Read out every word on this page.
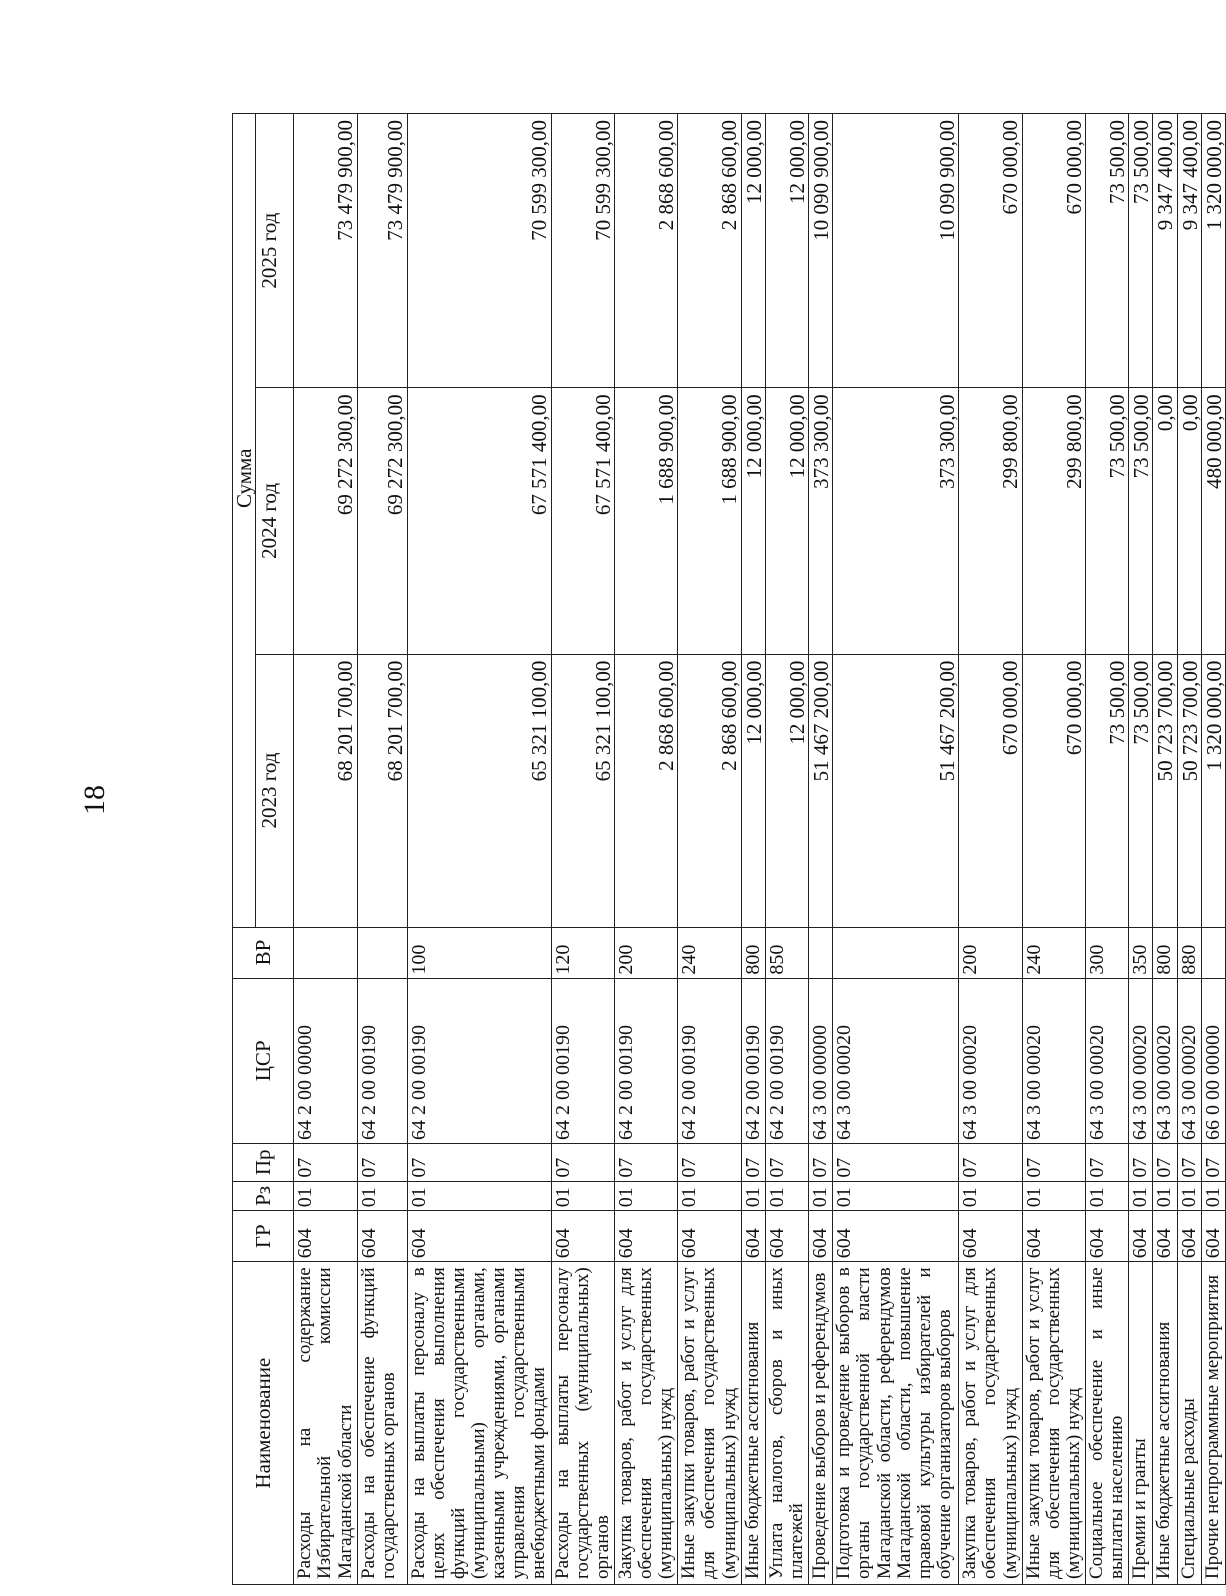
18
Наименование	ГР	Рз	Пр	ЦСР	ВР	Сумма		
						2023 год	2024 год	2025 год
Расходы на содержание Избирательной комиссии Магаданской области	604	01	07	64 2 00 00000		68 201 700,00	69 272 300,00	73 479 900,00
Расходы на обеспечение функций государственных органов	604	01	07	64 2 00 00190		68 201 700,00	69 272 300,00	73 479 900,00
Расходы на выплаты персоналу в целях обеспечения выполнения функций государственными (муниципальными) органами, казенными учреждениями, органами управления государственными внебюджетными фондами	604	01	07	64 2 00 00190	100	65 321 100,00	67 571 400,00	70 599 300,00
Расходы на выплаты персоналу государственных (муниципальных) органов	604	01	07	64 2 00 00190	120	65 321 100,00	67 571 400,00	70 599 300,00
Закупка товаров, работ и услуг для обеспечения государственных (муниципальных) нужд	604	01	07	64 2 00 00190	200	2 868 600,00	1 688 900,00	2 868 600,00
Иные закупки товаров, работ и услуг для обеспечения государственных (муниципальных) нужд	604	01	07	64 2 00 00190	240	2 868 600,00	1 688 900,00	2 868 600,00
Иные бюджетные ассигнования	604	01	07	64 2 00 00190	800	12 000,00	12 000,00	12 000,00
Уплата налогов, сборов и иных платежей	604	01	07	64 2 00 00190	850	12 000,00	12 000,00	12 000,00
Проведение выборов и референдумов	604	01	07	64 3 00 00000		51 467 200,00	373 300,00	10 090 900,00
Подготовка и проведение выборов в органы государственной власти Магаданской области, референдумов Магаданской области, повышение правовой культуры избирателей и обучение организаторов выборов	604	01	07	64 3 00 00020		51 467 200,00	373 300,00	10 090 900,00
Закупка товаров, работ и услуг для обеспечения государственных (муниципальных) нужд	604	01	07	64 3 00 00020	200	670 000,00	299 800,00	670 000,00
Иные закупки товаров, работ и услуг для обеспечения государственных (муниципальных) нужд	604	01	07	64 3 00 00020	240	670 000,00	299 800,00	670 000,00
Социальное обеспечение и иные выплаты населению	604	01	07	64 3 00 00020	300	73 500,00	73 500,00	73 500,00
Премии и гранты	604	01	07	64 3 00 00020	350	73 500,00	73 500,00	73 500,00
Иные бюджетные ассигнования	604	01	07	64 3 00 00020	800	50 723 700,00	0,00	9 347 400,00
Специальные расходы	604	01	07	64 3 00 00020	880	50 723 700,00	0,00	9 347 400,00
Прочие непрограммные мероприятия	604	01	07	66 0 00 00000		1 320 000,00	480 000,00	1 320 000,00
